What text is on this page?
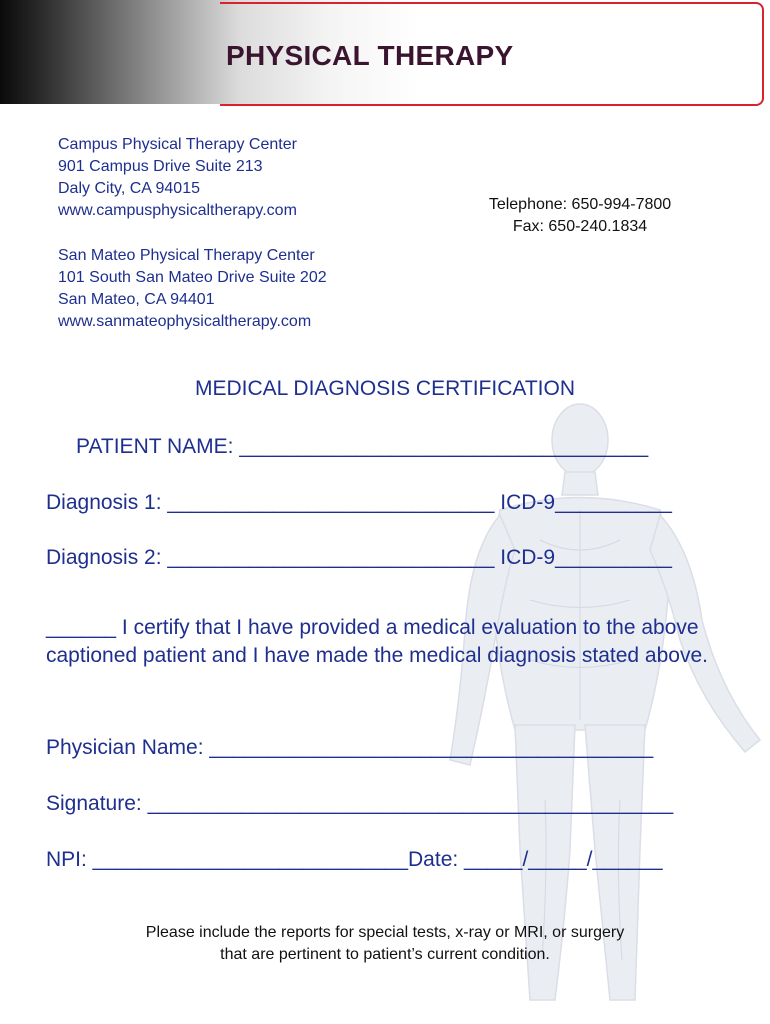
PHYSICAL THERAPY
Campus Physical Therapy Center
901 Campus Drive Suite 213
Daly City, CA 94015
www.campusphysicaltherapy.com	Telephone: 650-994-7800
Fax: 650-240.1834
San Mateo Physical Therapy Center
101 South San Mateo Drive Suite 202
San Mateo, CA 94401
www.sanmateophysicaltherapy.com
MEDICAL DIAGNOSIS CERTIFICATION
PATIENT NAME: ___________________________________
Diagnosis 1: ____________________________ ICD-9__________
Diagnosis 2: ____________________________ ICD-9__________
______ I certify that I have provided a medical evaluation to the above captioned patient and I have made the medical diagnosis stated above.
Physician Name: ______________________________________
Signature: _____________________________________________
NPI: ___________________________Date: _____/_____/______
Please include the reports for special tests, x-ray or MRI, or surgery
that are pertinent to patient’s current condition.
